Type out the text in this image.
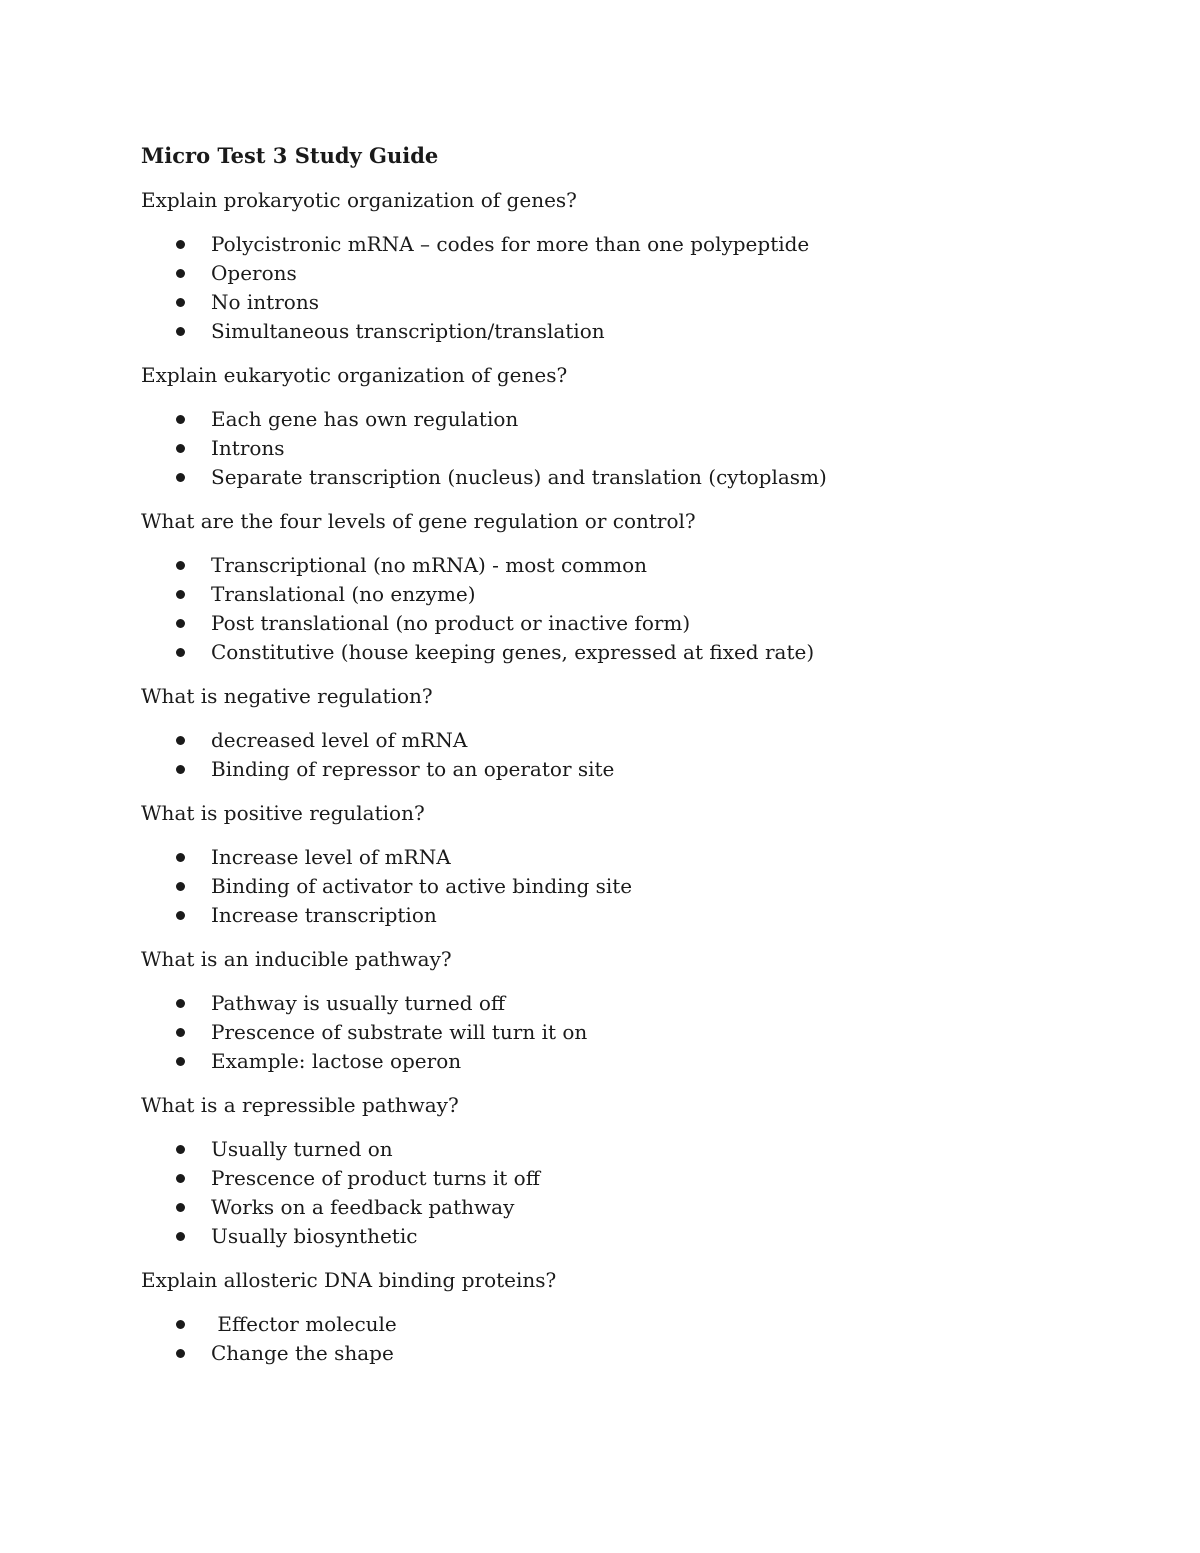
Micro Test 3 Study Guide
Explain prokaryotic organization of genes?
Polycistronic mRNA – codes for more than one polypeptide
Operons
No introns
Simultaneous transcription/translation
Explain eukaryotic organization of genes?
Each gene has own regulation
Introns
Separate transcription (nucleus) and translation (cytoplasm)
What are the four levels of gene regulation or control?
Transcriptional (no mRNA) - most common
Translational (no enzyme)
Post translational (no product or inactive form)
Constitutive (house keeping genes, expressed at fixed rate)
What is negative regulation?
decreased level of mRNA
Binding of repressor to an operator site
What is positive regulation?
Increase level of mRNA
Binding of activator to active binding site
Increase transcription
What is an inducible pathway?
Pathway is usually turned off
Prescence of substrate will turn it on
Example: lactose operon
What is a repressible pathway?
Usually turned on
Prescence of product turns it off
Works on a feedback pathway
Usually biosynthetic
Explain allosteric DNA binding proteins?
Effector molecule
Change the shape
